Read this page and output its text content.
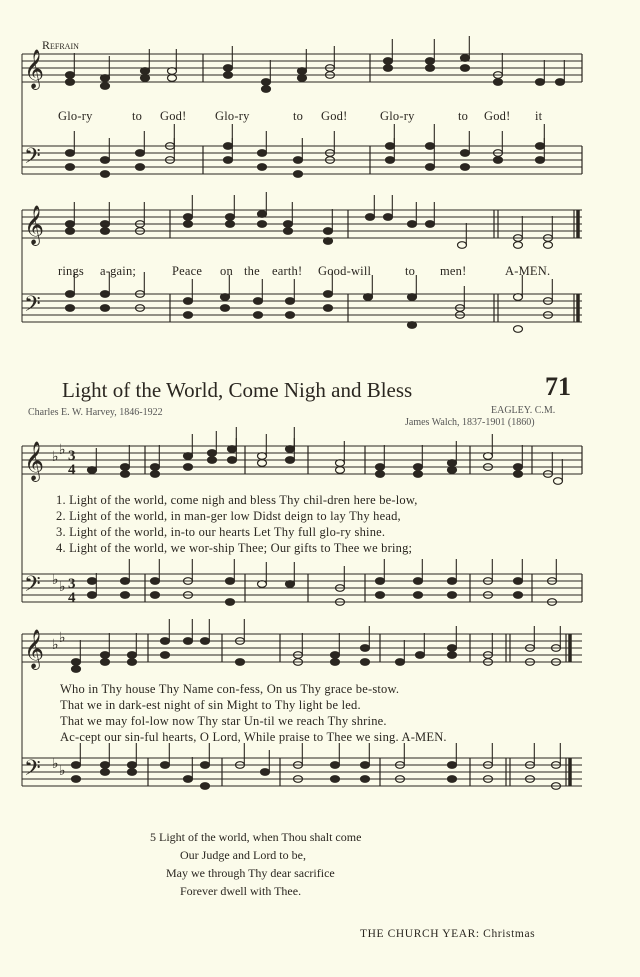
𝄞
𝄢
𝄞
𝄢
𝄞
𝄢
𝄞
𝄢
♭ ♭
♭ ♭
♭ ♭
♭ ♭
3
4
3
4
Refrain
Glo-ry	to God! Glo-ry	to God!	Glo-ry	to God! it
rings a-gain;	Peace on the earth! Good-will	to men!	A-MEN.
Light of the World, Come Nigh and Bless	71
Charles E. W. Harvey, 1846-1922	EAGLEY. C.M.
James Walch, 1837-1901 (1860)
1. Light of the world, come nigh and bless Thy chil-dren here be-low,
2. Light of the world, in man-ger low Didst deign to lay Thy head,
3. Light of the world, in-to our hearts Let Thy full glo-ry shine.
4. Light of the world, we wor-ship Thee; Our gifts to Thee we bring;
Who in Thy house Thy Name con-fess, On us Thy grace be-stow.
That we in dark-est night of sin Might to Thy light be led.
That we may fol-low now Thy star Un-til we reach Thy shrine.
Ac-cept our sin-ful hearts, O Lord, While praise to Thee we sing. A-MEN.
5 Light of the world, when Thou shalt come
Our Judge and Lord to be,
May we through Thy dear sacrifice
Forever dwell with Thee.
THE CHURCH YEAR: Christmas
